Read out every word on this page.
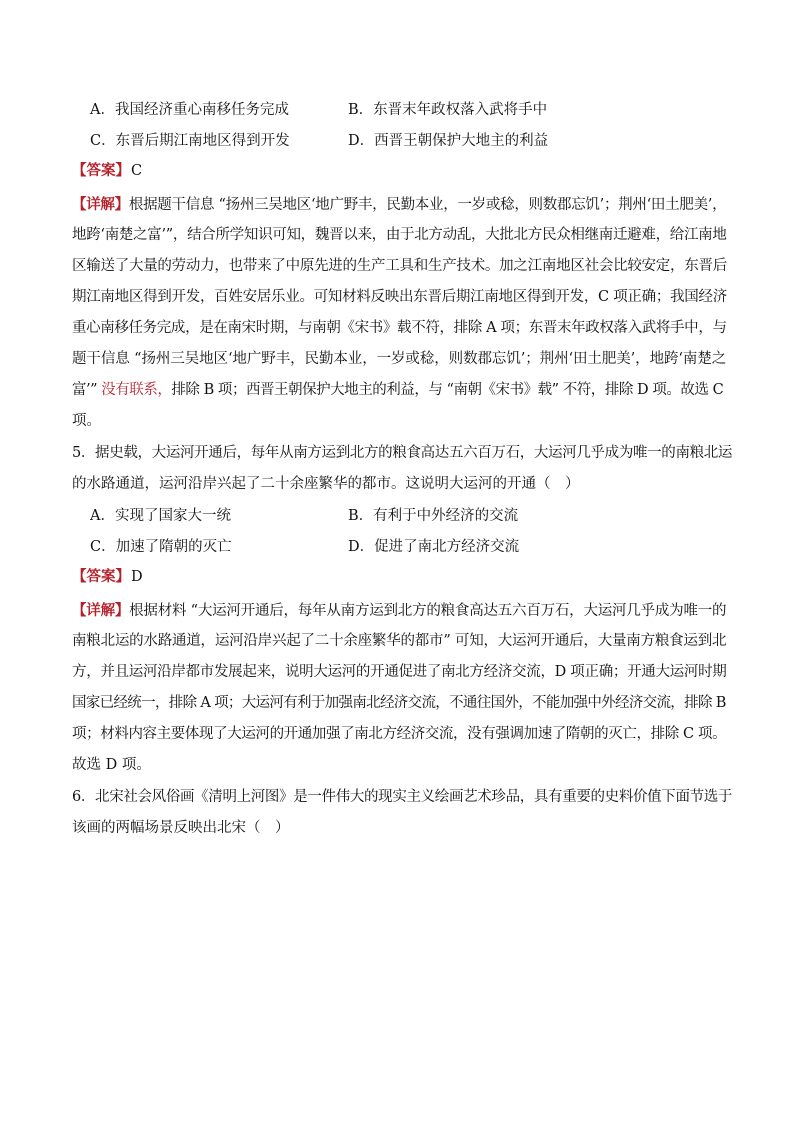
A．我国经济重心南移任务完成	B．东晋末年政权落入武将手中
C．东晋后期江南地区得到开发	D．西晋王朝保护大地主的利益
【答案】C

【详解】根据题干信息 “扬州三吴地区‘地广野丰，民勤本业，一岁或稔，则数郡忘饥’；荆州‘田土肥美’，

地跨‘南楚之富’”，结合所学知识可知，魏晋以来，由于北方动乱，大批北方民众相继南迁避难，给江南地

区输送了大量的劳动力，也带来了中原先进的生产工具和生产技术。加之江南地区社会比较安定，东晋后

期江南地区得到开发，百姓安居乐业。可知材料反映出东晋后期江南地区得到开发，C 项正确；我国经济

重心南移任务完成，是在南宋时期，与南朝《宋书》载不符，排除 A 项；东晋末年政权落入武将手中，与

题干信息 “扬州三吴地区‘地广野丰，民勤本业，一岁或稔，则数郡忘饥’；荆州‘田土肥美’，地跨‘南楚之

富’” 没有联系，排除 B 项；西晋王朝保护大地主的利益，与 “南朝《宋书》载” 不符，排除 D 项。故选 C

项。

5．据史载，大运河开通后，每年从南方运到北方的粮食高达五六百万石，大运河几乎成为唯一的南粮北运

的水路通道，运河沿岸兴起了二十余座繁华的都市。这说明大运河的开通（　）

A．实现了国家大一统	B．有利于中外经济的交流
C．加速了隋朝的灭亡	D．促进了南北方经济交流
【答案】D

【详解】根据材料 “大运河开通后，每年从南方运到北方的粮食高达五六百万石，大运河几乎成为唯一的

南粮北运的水路通道，运河沿岸兴起了二十余座繁华的都市” 可知，大运河开通后，大量南方粮食运到北

方，并且运河沿岸都市发展起来，说明大运河的开通促进了南北方经济交流，D 项正确；开通大运河时期

国家已经统一，排除 A 项；大运河有利于加强南北经济交流，不通往国外，不能加强中外经济交流，排除 B

项；材料内容主要体现了大运河的开通加强了南北方经济交流，没有强调加速了隋朝的灭亡，排除 C 项。

故选 D 项。

6．北宋社会风俗画《清明上河图》是一件伟大的现实主义绘画艺术珍品，具有重要的史料价值下面节选于

该画的两幅场景反映出北宋（　）
